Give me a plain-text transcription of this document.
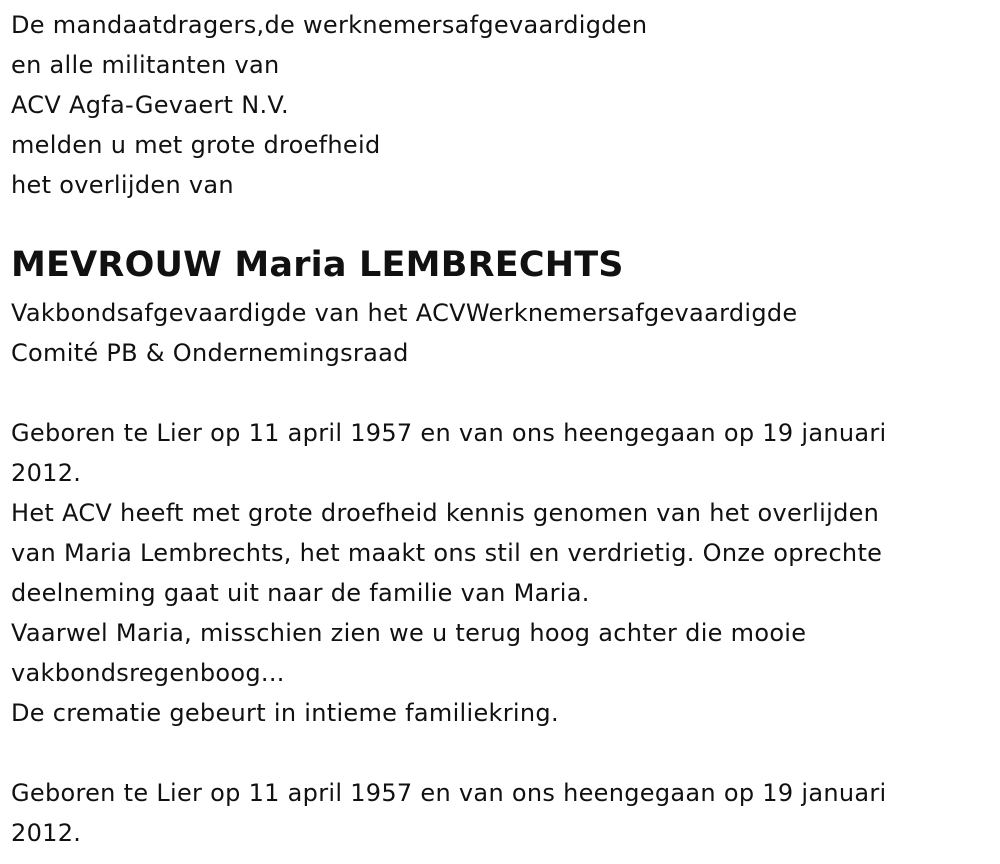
De mandaatdragers,de werknemersafgevaardigden
en alle militanten van
ACV Agfa-Gevaert N.V.
melden u met grote droefheid
het overlijden van
MEVROUW Maria LEMBRECHTS
Vakbondsafgevaardigde van het ACVWerknemersafgevaardigde
Comité PB & Ondernemingsraad
Geboren te Lier op 11 april 1957 en van ons heengegaan op 19 januari
2012.
Het ACV heeft met grote droefheid kennis genomen van het overlijden
van Maria Lembrechts, het maakt ons stil en verdrietig. Onze oprechte
deelneming gaat uit naar de familie van Maria.
Vaarwel Maria, misschien zien we u terug hoog achter die mooie
vakbondsregenboog...
De crematie gebeurt in intieme familiekring.
Geboren te Lier op 11 april 1957 en van ons heengegaan op 19 januari
2012.
